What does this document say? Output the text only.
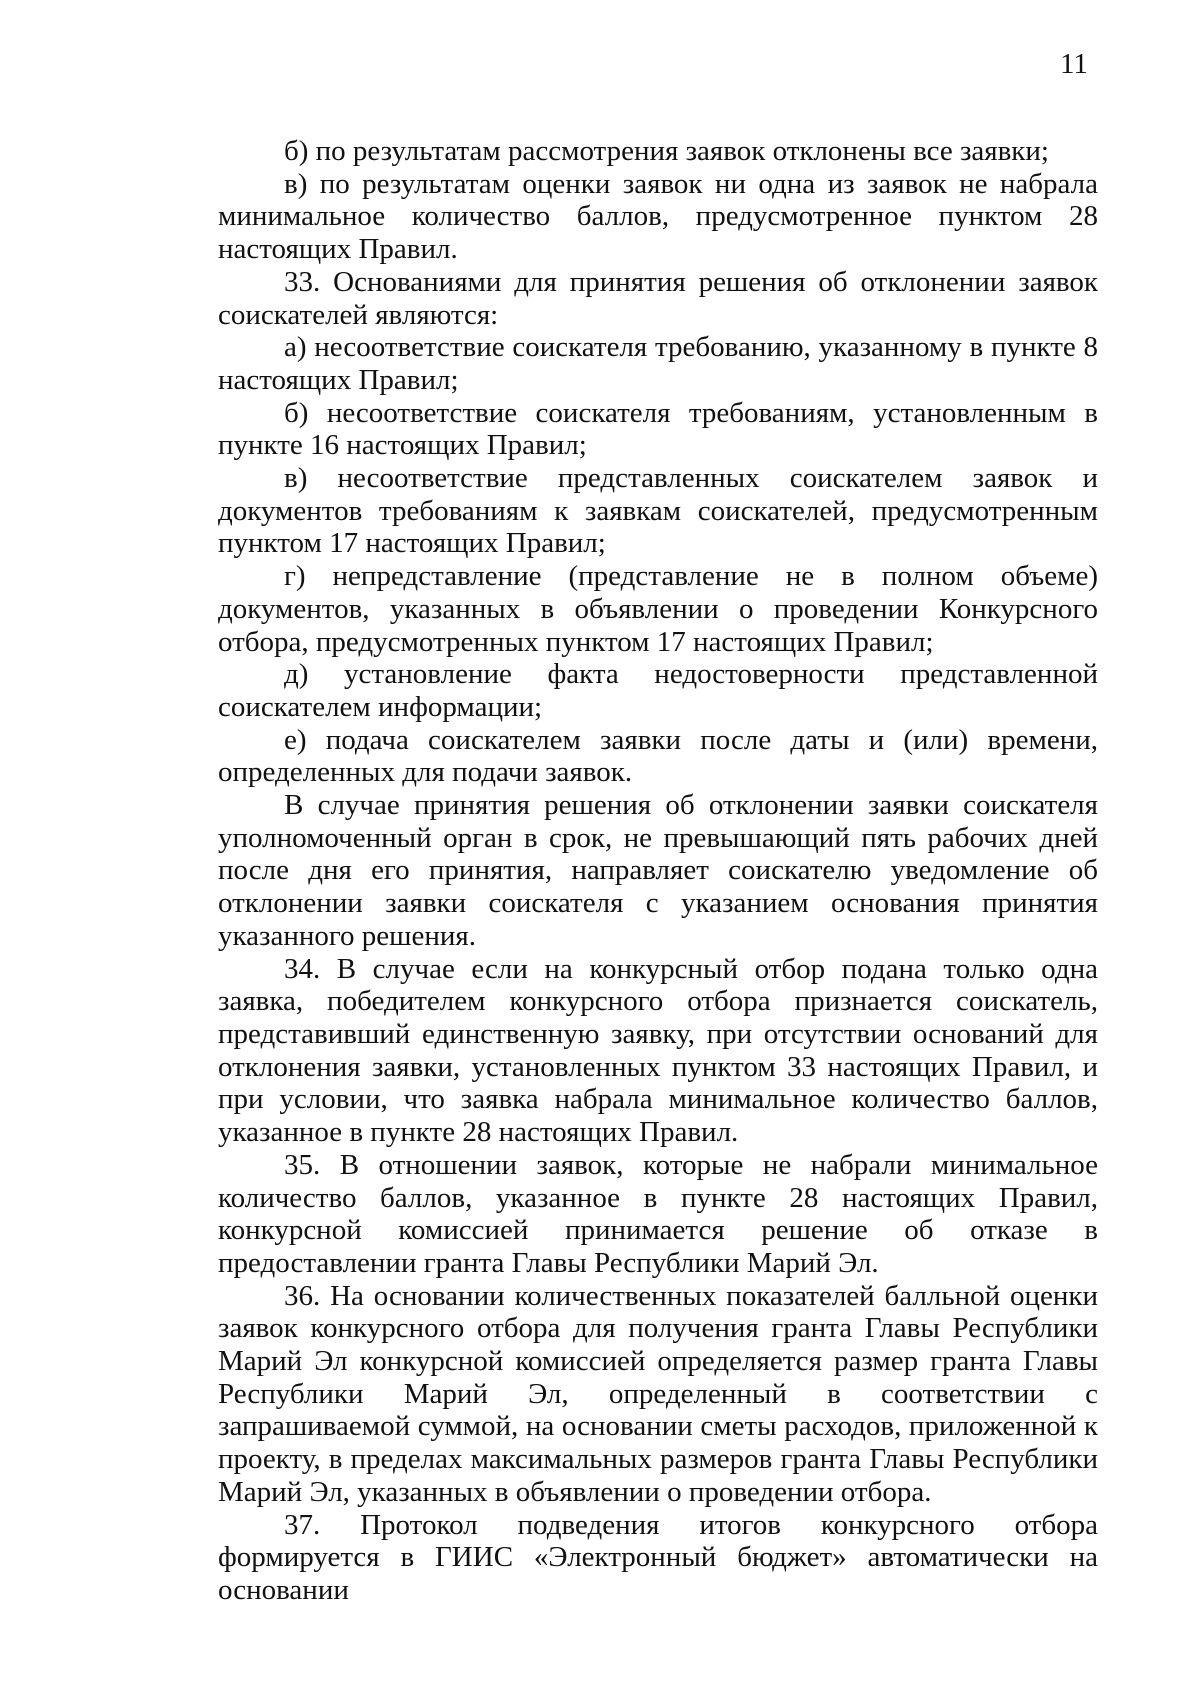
11

б) по результатам рассмотрения заявок отклонены все заявки;

в) по результатам оценки заявок ни одна из заявок не набрала минимальное количество баллов, предусмотренное пунктом 28 настоящих Правил.

33. Основаниями для принятия решения об отклонении заявок соискателей являются:

а) несоответствие соискателя требованию, указанному в пункте 8 настоящих Правил;

б) несоответствие соискателя требованиям, установленным в пункте 16 настоящих Правил;

в) несоответствие представленных соискателем заявок и документов требованиям к заявкам соискателей, предусмотренным пунктом 17 настоящих Правил;

г) непредставление (представление не в полном объеме) документов, указанных в объявлении о проведении Конкурсного отбора, предусмотренных пунктом 17 настоящих Правил;

д) установление факта недостоверности представленной соискателем информации;

е) подача соискателем заявки после даты и (или) времени, определенных для подачи заявок.

В случае принятия решения об отклонении заявки соискателя уполномоченный орган в срок, не превышающий пять рабочих дней после дня его принятия, направляет соискателю уведомление об отклонении заявки соискателя с указанием основания принятия указанного решения.

34. В случае если на конкурсный отбор подана только одна заявка, победителем конкурсного отбора признается соискатель, представивший единственную заявку, при отсутствии оснований для отклонения заявки, установленных пунктом 33 настоящих Правил, и при условии, что заявка набрала минимальное количество баллов, указанное в пункте 28 настоящих Правил.

35. В отношении заявок, которые не набрали минимальное количество баллов, указанное в пункте 28 настоящих Правил, конкурсной комиссией принимается решение об отказе в предоставлении гранта Главы Республики Марий Эл.

36. На основании количественных показателей балльной оценки заявок конкурсного отбора для получения гранта Главы Республики Марий Эл конкурсной комиссией определяется размер гранта Главы Республики Марий Эл, определенный в соответствии с запрашиваемой суммой, на основании сметы расходов, приложенной к проекту, в пределах максимальных размеров гранта Главы Республики Марий Эл, указанных в объявлении о проведении отбора.

37. Протокол подведения итогов конкурсного отбора формируется в ГИИС «Электронный бюджет» автоматически на основании
